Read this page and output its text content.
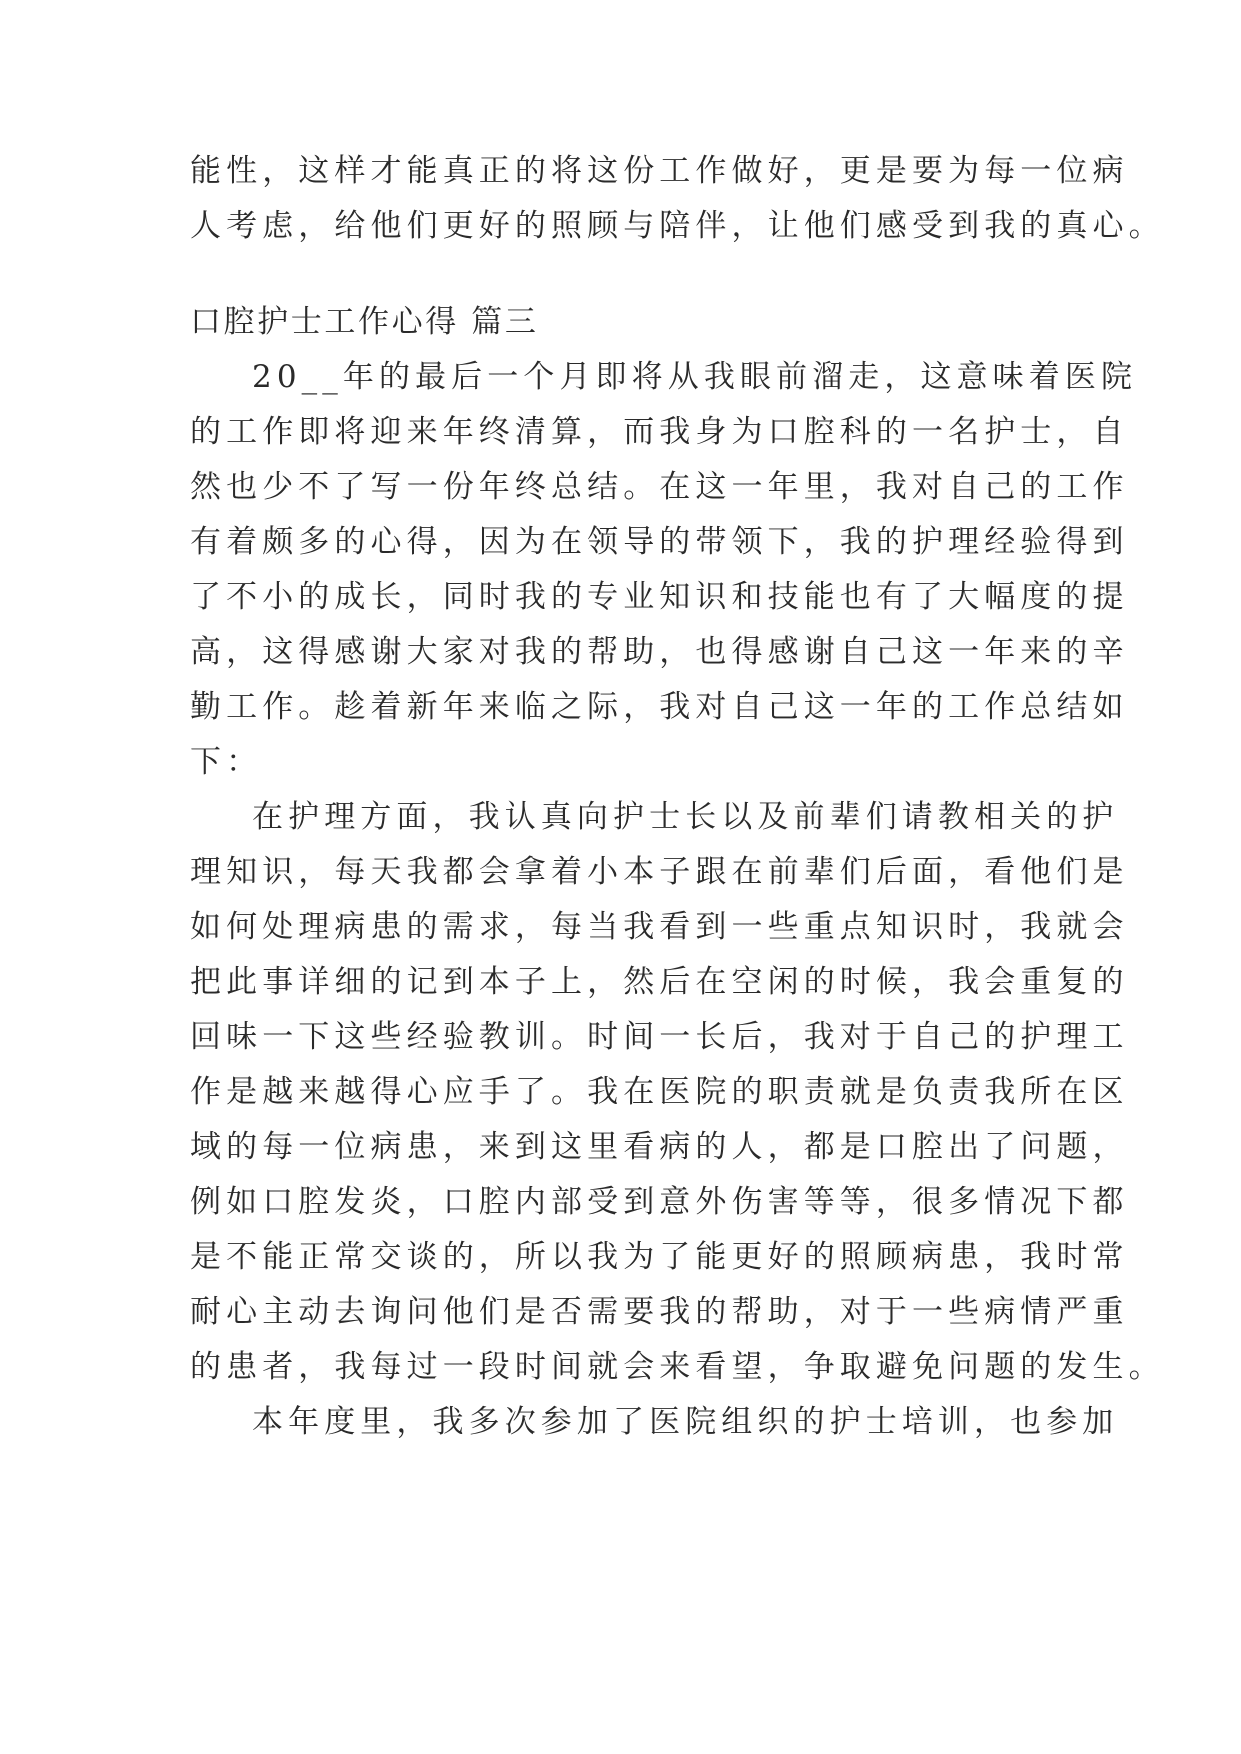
能性，这样才能真正的将这份工作做好，更是要为每一位病
人考虑，给他们更好的照顾与陪伴，让他们感受到我的真心。
口腔护士工作心得 篇三
20__年的最后一个月即将从我眼前溜走，这意味着医院
的工作即将迎来年终清算，而我身为口腔科的一名护士，自
然也少不了写一份年终总结。在这一年里，我对自己的工作
有着颇多的心得，因为在领导的带领下，我的护理经验得到
了不小的成长，同时我的专业知识和技能也有了大幅度的提
高，这得感谢大家对我的帮助，也得感谢自己这一年来的辛
勤工作。趁着新年来临之际，我对自己这一年的工作总结如
下：
在护理方面，我认真向护士长以及前辈们请教相关的护
理知识，每天我都会拿着小本子跟在前辈们后面，看他们是
如何处理病患的需求，每当我看到一些重点知识时，我就会
把此事详细的记到本子上，然后在空闲的时候，我会重复的
回味一下这些经验教训。时间一长后，我对于自己的护理工
作是越来越得心应手了。我在医院的职责就是负责我所在区
域的每一位病患，来到这里看病的人，都是口腔出了问题，
例如口腔发炎，口腔内部受到意外伤害等等，很多情况下都
是不能正常交谈的，所以我为了能更好的照顾病患，我时常
耐心主动去询问他们是否需要我的帮助，对于一些病情严重
的患者，我每过一段时间就会来看望，争取避免问题的发生。
本年度里，我多次参加了医院组织的护士培训，也参加
